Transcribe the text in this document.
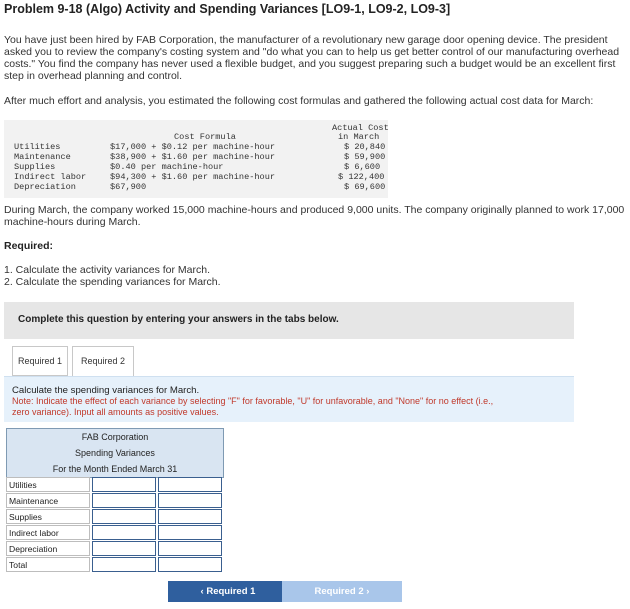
Problem 9-18 (Algo) Activity and Spending Variances [LO9-1, LO9-2, LO9-3]
You have just been hired by FAB Corporation, the manufacturer of a revolutionary new garage door opening device. The president
asked you to review the company's costing system and "do what you can to help us get better control of our manufacturing overhead
costs." You find the company has never used a flexible budget, and you suggest preparing such a budget would be an excellent first
step in overhead planning and control.
After much effort and analysis, you estimated the following cost formulas and gathered the following actual cost data for March:
Cost Formula
Actual Cost
in March
Utilities	$17,000 + $0.12 per machine-hour	$ 20,840
Maintenance	$38,900 + $1.60 per machine-hour	$ 59,900
Supplies	$0.40 per machine-hour	$ 6,600
Indirect labor	$94,300 + $1.60 per machine-hour	$ 122,400
Depreciation	$67,900	$ 69,600
During March, the company worked 15,000 machine-hours and produced 9,000 units. The company originally planned to work 17,000
machine-hours during March.
Required:
1. Calculate the activity variances for March.
2. Calculate the spending variances for March.
Complete this question by entering your answers in the tabs below.
Required 1	Required 2
Calculate the spending variances for March.
Note: Indicate the effect of each variance by selecting "F" for favorable, "U" for unfavorable, and "None" for no effect (i.e.,
zero variance). Input all amounts as positive values.
FAB Corporation
Spending Variances
For the Month Ended March 31
Utilities
Maintenance
Supplies
Indirect labor
Depreciation
Total
‹ Required 1	Required 2 ›
